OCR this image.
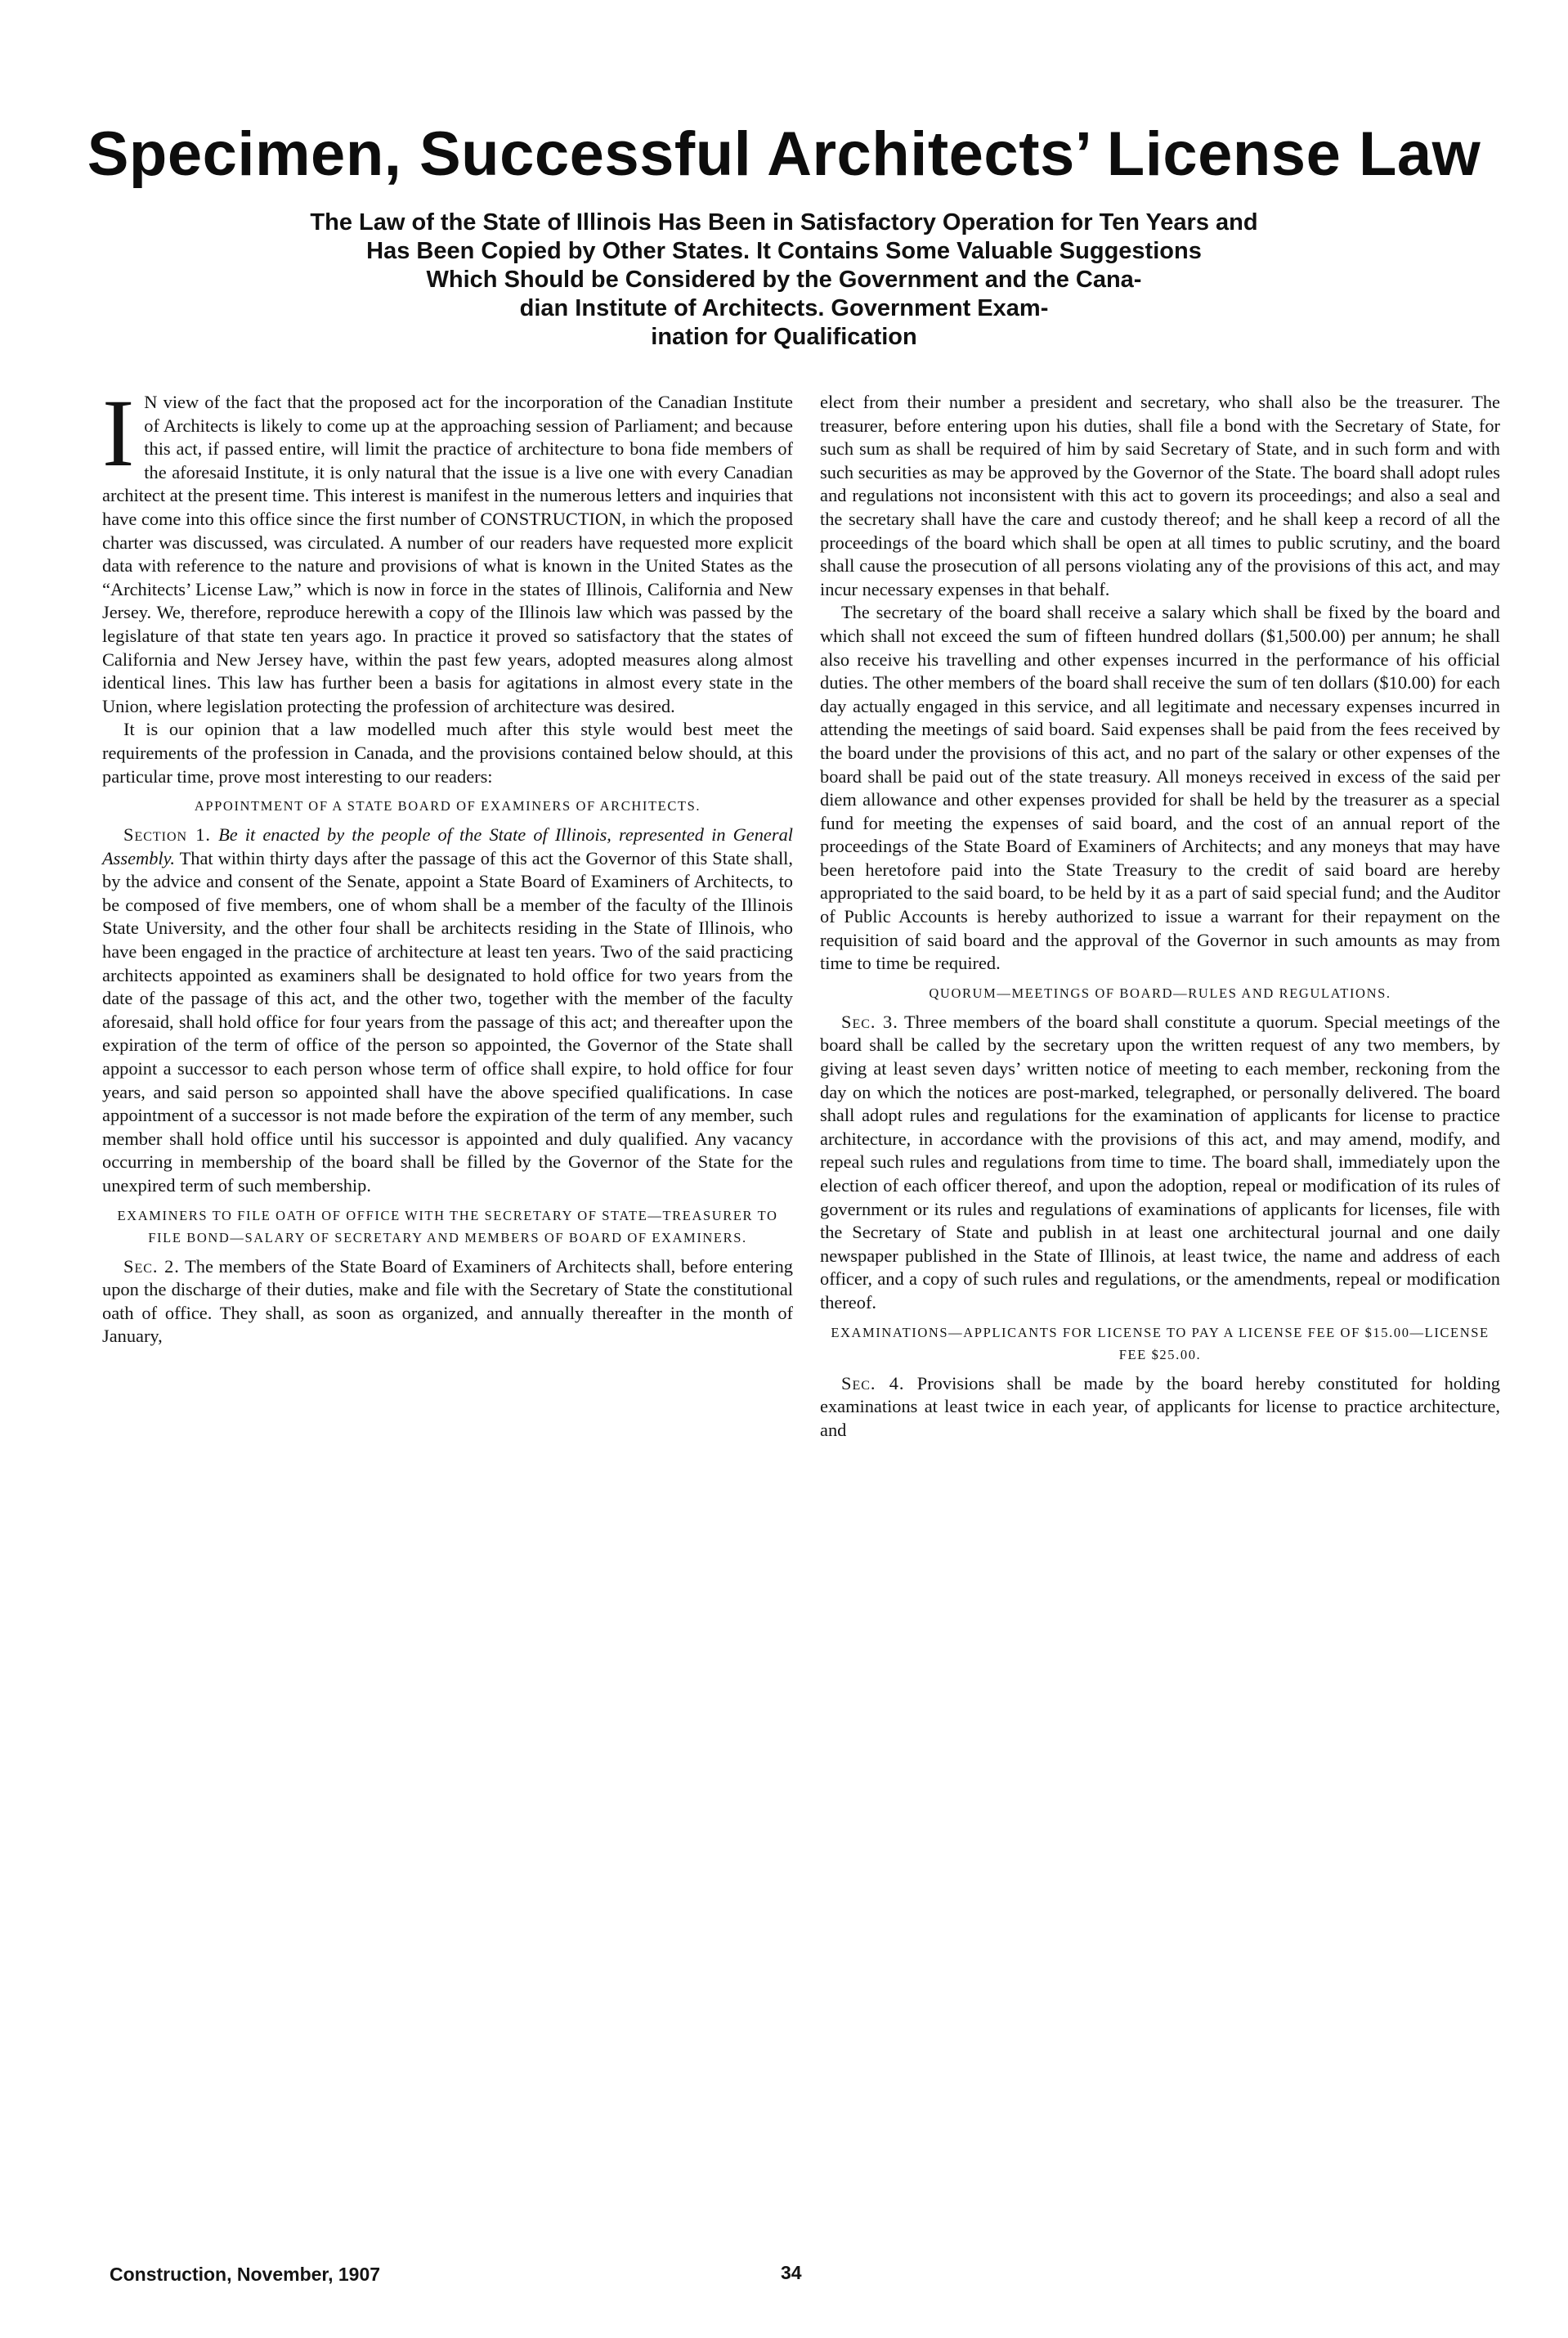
Specimen, Successful Architects’ License Law
The Law of the State of Illinois Has Been in Satisfactory Operation for Ten Years and
Has Been Copied by Other States. It Contains Some Valuable Suggestions
Which Should be Considered by the Government and the Cana-
dian Institute of Architects. Government Exam-
ination for Qualification

I N view of the fact that the proposed act for the incorporation of the Canadian Institute of Architects is likely to come up at the approaching session of Parliament; and because this act, if passed entire, will limit the practice of architecture to bona fide members of the aforesaid Institute, it is only natural that the issue is a live one with every Canadian architect at the present time. This interest is manifest in the numerous letters and inquiries that have come into this office since the first number of CONSTRUCTION, in which the proposed charter was discussed, was circulated. A number of our readers have requested more explicit data with reference to the nature and provisions of what is known in the United States as the “Architects’ License Law,” which is now in force in the states of Illinois, California and New Jersey. We, therefore, reproduce herewith a copy of the Illinois law which was passed by the legislature of that state ten years ago. In practice it proved so satisfactory that the states of California and New Jersey have, within the past few years, adopted measures along almost identical lines. This law has further been a basis for agitations in almost every state in the Union, where legislation protecting the profession of architecture was desired.

It is our opinion that a law modelled much after this style would best meet the requirements of the profession in Canada, and the provisions contained below should, at this particular time, prove most interesting to our readers:

APPOINTMENT OF A STATE BOARD OF EXAMINERS OF ARCHITECTS.

Section 1. Be it enacted by the people of the State of Illinois, represented in General Assembly. That within thirty days after the passage of this act the Governor of this State shall, by the advice and consent of the Senate, appoint a State Board of Examiners of Architects, to be composed of five members, one of whom shall be a member of the faculty of the Illinois State University, and the other four shall be architects residing in the State of Illinois, who have been engaged in the practice of architecture at least ten years. Two of the said practicing architects appointed as examiners shall be designated to hold office for two years from the date of the passage of this act, and the other two, together with the member of the faculty aforesaid, shall hold office for four years from the passage of this act; and thereafter upon the expiration of the term of office of the person so appointed, the Governor of the State shall appoint a successor to each person whose term of office shall expire, to hold office for four years, and said person so appointed shall have the above specified qualifications. In case appointment of a successor is not made before the expiration of the term of any member, such member shall hold office until his successor is appointed and duly qualified. Any vacancy occurring in membership of the board shall be filled by the Governor of the State for the unexpired term of such membership.

EXAMINERS TO FILE OATH OF OFFICE WITH THE SECRETARY OF STATE—TREASURER TO FILE BOND—SALARY OF SECRETARY AND MEMBERS OF BOARD OF EXAMINERS.

Sec. 2. The members of the State Board of Examiners of Architects shall, before entering upon the discharge of their duties, make and file with the Secretary of State the constitutional oath of office. They shall, as soon as organized, and annually thereafter in the month of January,

elect from their number a president and secretary, who shall also be the treasurer. The treasurer, before entering upon his duties, shall file a bond with the Secretary of State, for such sum as shall be required of him by said Secretary of State, and in such form and with such securities as may be approved by the Governor of the State. The board shall adopt rules and regulations not inconsistent with this act to govern its proceedings; and also a seal and the secretary shall have the care and custody thereof; and he shall keep a record of all the proceedings of the board which shall be open at all times to public scrutiny, and the board shall cause the prosecution of all persons violating any of the provisions of this act, and may incur necessary expenses in that behalf.

The secretary of the board shall receive a salary which shall be fixed by the board and which shall not exceed the sum of fifteen hundred dollars ($1,500.00) per annum; he shall also receive his travelling and other expenses incurred in the performance of his official duties. The other members of the board shall receive the sum of ten dollars ($10.00) for each day actually engaged in this service, and all legitimate and necessary expenses incurred in attending the meetings of said board. Said expenses shall be paid from the fees received by the board under the provisions of this act, and no part of the salary or other expenses of the board shall be paid out of the state treasury. All moneys received in excess of the said per diem allowance and other expenses provided for shall be held by the treasurer as a special fund for meeting the expenses of said board, and the cost of an annual report of the proceedings of the State Board of Examiners of Architects; and any moneys that may have been heretofore paid into the State Treasury to the credit of said board are hereby appropriated to the said board, to be held by it as a part of said special fund; and the Auditor of Public Accounts is hereby authorized to issue a warrant for their repayment on the requisition of said board and the approval of the Governor in such amounts as may from time to time be required.

QUORUM—MEETINGS OF BOARD—RULES AND REGULATIONS.

Sec. 3. Three members of the board shall constitute a quorum. Special meetings of the board shall be called by the secretary upon the written request of any two members, by giving at least seven days’ written notice of meeting to each member, reckoning from the day on which the notices are post-marked, telegraphed, or personally delivered. The board shall adopt rules and regulations for the examination of applicants for license to practice architecture, in accordance with the provisions of this act, and may amend, modify, and repeal such rules and regulations from time to time. The board shall, immediately upon the election of each officer thereof, and upon the adoption, repeal or modification of its rules of government or its rules and regulations of examinations of applicants for licenses, file with the Secretary of State and publish in at least one architectural journal and one daily newspaper published in the State of Illinois, at least twice, the name and address of each officer, and a copy of such rules and regulations, or the amendments, repeal or modification thereof.

EXAMINATIONS—APPLICANTS FOR LICENSE TO PAY A LICENSE FEE OF $15.00—LICENSE FEE $25.00.

Sec. 4. Provisions shall be made by the board hereby constituted for holding examinations at least twice in each year, of applicants for license to practice architecture, and

Construction, November, 1907	34
